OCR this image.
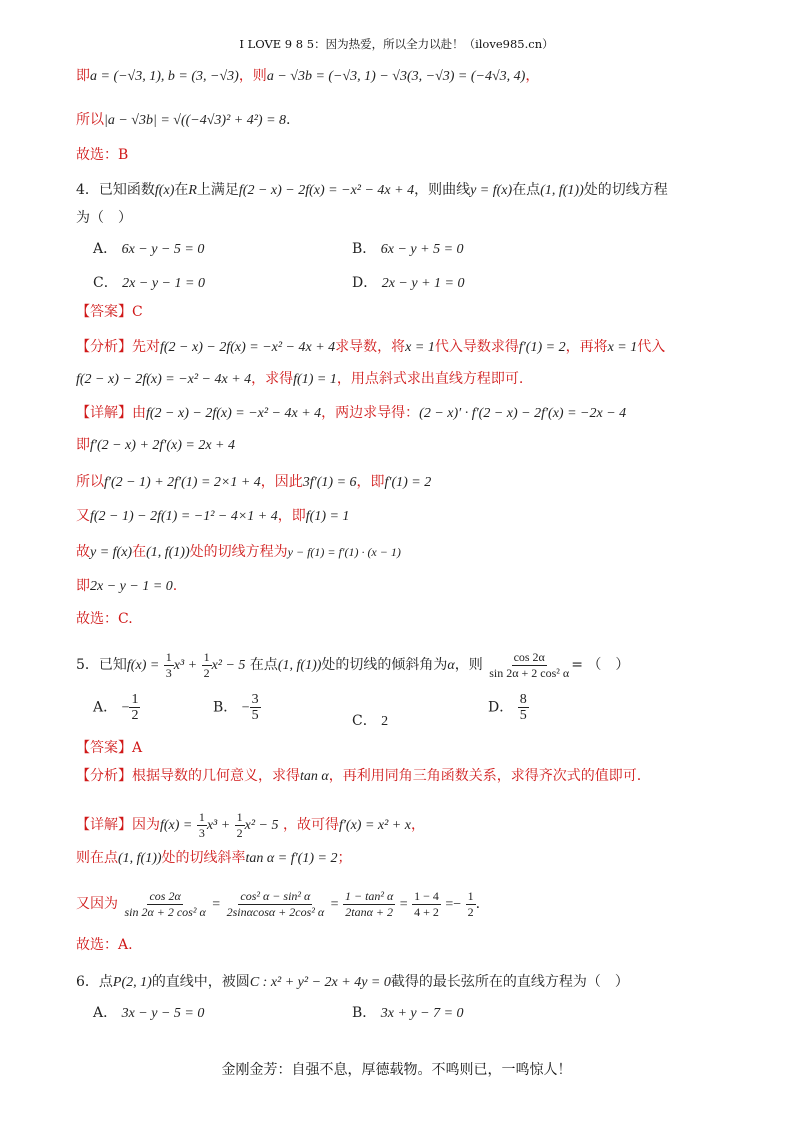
I LOVE 9 8 5：因为热爱，所以全力以赴！（ilove985.cn）
即a = (−√3, 1), b = (3, −√3)，则a − √3b = (−√3, 1) − √3(3, −√3) = (−4√3, 4)，
所以|a − √3b| = √((−4√3)² + 4²) = 8.
故选：B
4．已知函数f(x)在R上满足f(2 − x) − 2f(x) = −x² − 4x + 4，则曲线y = f(x)在点(1, f(1))处的切线方程
为（　）
A． 6x − y − 5 = 0	B． 6x − y + 5 = 0
C． 2x − y − 1 = 0	D． 2x − y + 1 = 0
【答案】C
【分析】先对f(2 − x) − 2f(x) = −x² − 4x + 4求导数，将x = 1代入导数求得f′(1) = 2，再将x = 1代入
f(2 − x) − 2f(x) = −x² − 4x + 4，求得f(1) = 1，用点斜式求出直线方程即可.
【详解】由f(2 − x) − 2f(x) = −x² − 4x + 4，两边求导得：(2 − x)′ · f′(2 − x) − 2f′(x) = −2x − 4
即f′(2 − x) + 2f′(x) = 2x + 4
所以f′(2 − 1) + 2f′(1) = 2×1 + 4，因此3f′(1) = 6，即f′(1) = 2
又f(2 − 1) − 2f(1) = −1² − 4×1 + 4，即f(1) = 1
故y = f(x)在(1, f(1))处的切线方程为y − f(1) = f′(1) · (x − 1)
即2x − y − 1 = 0.
故选：C.
5．已知$f(x) = \frac{1}{3} x^3 + \frac{1}{2} x^2 - 5$ 在点(1, f(1))处的切线的倾斜角为α，则 $\frac{\cos 2\alpha}{\text{sin 2α + 2 cos² α}}$ = （　）
A． − $\frac{1}{2}$	B． − $\frac{3}{5}$	C． 2
D． $\frac{8}{5}$
【答案】A
【分析】根据导数的几何意义，求得tan α，再利用同角三角函数关系，求得齐次式的值即可.
【详解】因为$f(x) = \frac{1}{3} x^3 + \frac{1}{2} x^2 - 5$ ，故可得f′(x) = x² + x，
则在点(1, f(1))处的切线斜率tan α = f′(1) = 2；
又因为 $\frac{\cos 2\alpha}{\text{sin 2α + 2 cos² α}} = \frac{\text{cos² α − sin² α}}{\text{2sinαcosα + 2cos² α}} = \frac{\text{1 − tan² α}}{2\tan\alpha + 2} = \frac{1 - 4}{4 + 2} =- \frac{1}{2}$ .
故选：A.
6．点P(2, 1)的直线中，被圆C : x² + y² − 2x + 4y = 0截得的最长弦所在的直线方程为（　）
A． 3x − y − 5 = 0	B． 3x + y − 7 = 0
金刚金芳：自强不息，厚德载物。不鸣则已，一鸣惊人！
